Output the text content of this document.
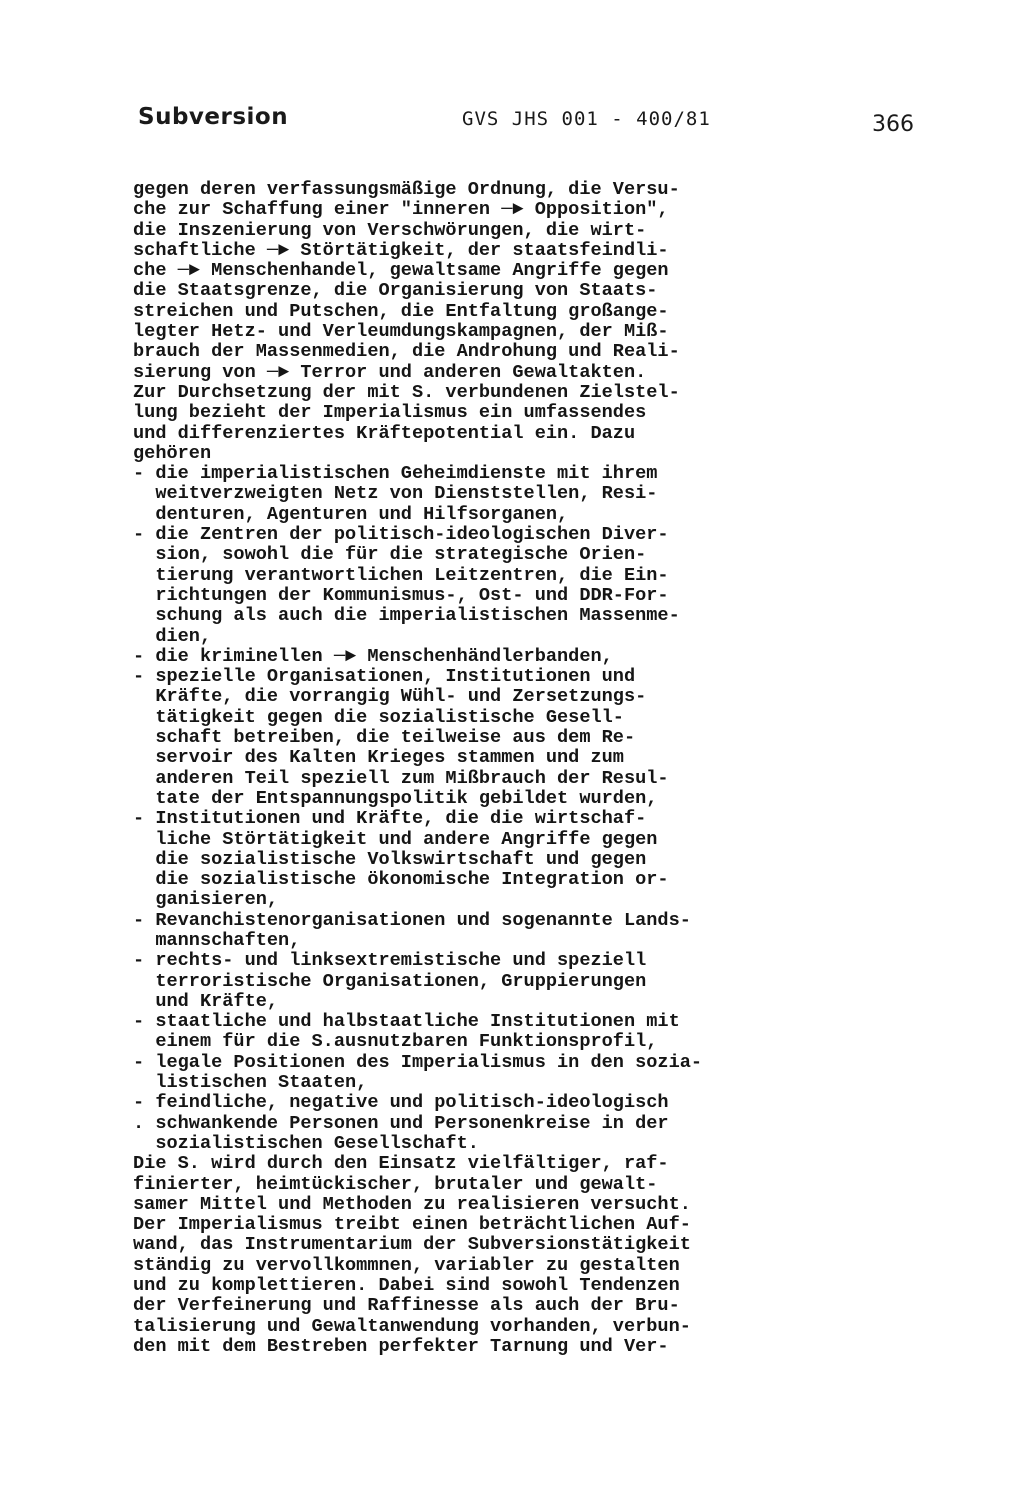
Subversion	GVS JHS 001 - 400/81	366
gegen deren verfassungsmäßige Ordnung, die Versu-
che zur Schaffung einer "inneren ─► Opposition",
die Inszenierung von Verschwörungen, die wirt-
schaftliche ─► Störtätigkeit, der staatsfeindli-
che ─► Menschenhandel, gewaltsame Angriffe gegen
die Staatsgrenze, die Organisierung von Staats-
streichen und Putschen, die Entfaltung großange-
legter Hetz- und Verleumdungskampagnen, der Miß-
brauch der Massenmedien, die Androhung und Reali-
sierung von ─► Terror und anderen Gewaltakten.
Zur Durchsetzung der mit S. verbundenen Zielstel-
lung bezieht der Imperialismus ein umfassendes
und differenziertes Kräftepotential ein. Dazu
gehören
- die imperialistischen Geheimdienste mit ihrem
weitverzweigten Netz von Dienststellen, Resi-
denturen, Agenturen und Hilfsorganen,
- die Zentren der politisch-ideologischen Diver-
sion, sowohl die für die strategische Orien-
tierung verantwortlichen Leitzentren, die Ein-
richtungen der Kommunismus-, Ost- und DDR-For-
schung als auch die imperialistischen Massenme-
dien,
- die kriminellen ─► Menschenhändlerbanden,
- spezielle Organisationen, Institutionen und
Kräfte, die vorrangig Wühl- und Zersetzungs-
tätigkeit gegen die sozialistische Gesell-
schaft betreiben, die teilweise aus dem Re-
servoir des Kalten Krieges stammen und zum
anderen Teil speziell zum Mißbrauch der Resul-
tate der Entspannungspolitik gebildet wurden,
- Institutionen und Kräfte, die die wirtschaf-
liche Störtätigkeit und andere Angriffe gegen
die sozialistische Volkswirtschaft und gegen
die sozialistische ökonomische Integration or-
ganisieren,
- Revanchistenorganisationen und sogenannte Lands-
mannschaften,
- rechts- und linksextremistische und speziell
terroristische Organisationen, Gruppierungen
und Kräfte,
- staatliche und halbstaatliche Institutionen mit
einem für die S.ausnutzbaren Funktionsprofil,
- legale Positionen des Imperialismus in den sozia-
listischen Staaten,
- feindliche, negative und politisch-ideologisch
. schwankende Personen und Personenkreise in der
sozialistischen Gesellschaft.
Die S. wird durch den Einsatz vielfältiger, raf-
finierter, heimtückischer, brutaler und gewalt-
samer Mittel und Methoden zu realisieren versucht.
Der Imperialismus treibt einen beträchtlichen Auf-
wand, das Instrumentarium der Subversionstätigkeit
ständig zu vervollkommnen, variabler zu gestalten
und zu komplettieren. Dabei sind sowohl Tendenzen
der Verfeinerung und Raffinesse als auch der Bru-
talisierung und Gewaltanwendung vorhanden, verbun-
den mit dem Bestreben perfekter Tarnung und Ver-
